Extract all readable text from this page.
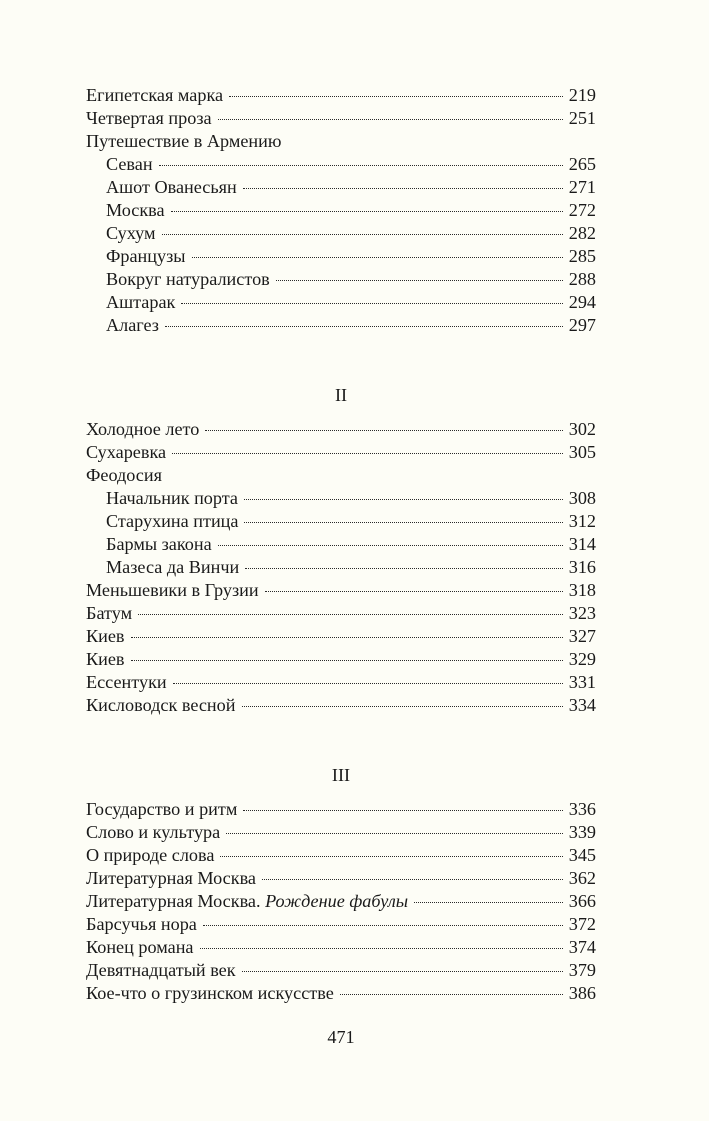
Египетская марка	219
Четвертая проза	251
Путешествие в Армению
Севан	265
Ашот Ованесьян	271
Москва	272
Сухум	282
Французы	285
Вокруг натуралистов	288
Аштарак	294
Алагез	297
II
Холодное лето	302
Сухаревка	305
Феодосия
Начальник порта	308
Старухина птица	312
Бармы закона	314
Мазеса да Винчи	316
Меньшевики в Грузии	318
Батум	323
Киев	327
Киев	329
Ессентуки	331
Кисловодск весной	334
III
Государство и ритм	336
Слово и культура	339
О природе слова	345
Литературная Москва	362
Литературная Москва. Рождение фабулы	366
Барсучья нора	372
Конец романа	374
Девятнадцатый век	379
Кое-что о грузинском искусстве	386
471
